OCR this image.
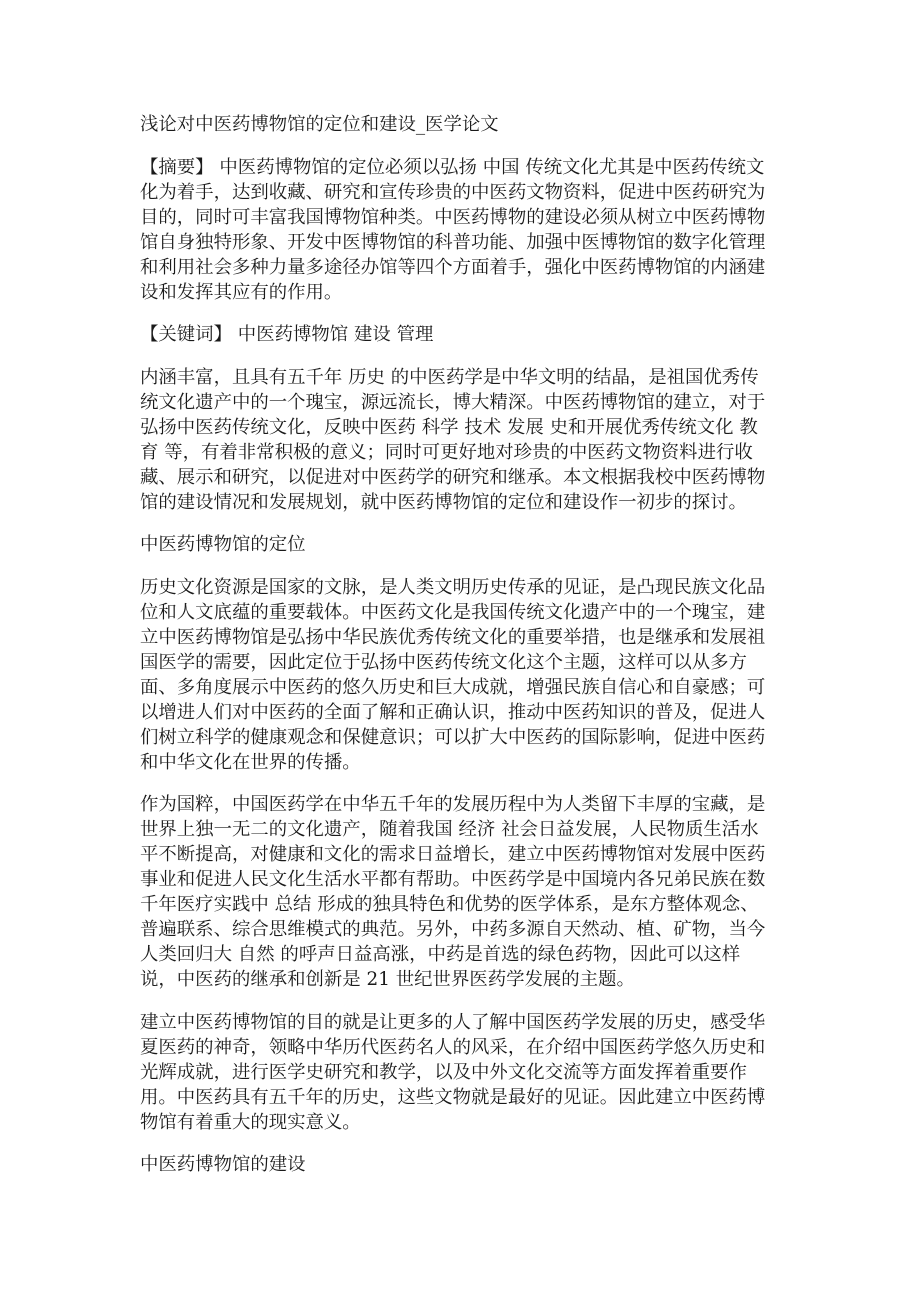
浅论对中医药博物馆的定位和建设_医学论文
【摘要】 中医药博物馆的定位必须以弘扬 中国 传统文化尤其是中医药传统文
化为着手，达到收藏、研究和宣传珍贵的中医药文物资料，促进中医药研究为
目的，同时可丰富我国博物馆种类。中医药博物的建设必须从树立中医药博物
馆自身独特形象、开发中医博物馆的科普功能、加强中医博物馆的数字化管理
和利用社会多种力量多途径办馆等四个方面着手，强化中医药博物馆的内涵建
设和发挥其应有的作用。
【关键词】 中医药博物馆 建设 管理
内涵丰富，且具有五千年 历史 的中医药学是中华文明的结晶，是祖国优秀传
统文化遗产中的一个瑰宝，源远流长，博大精深。中医药博物馆的建立，对于
弘扬中医药传统文化，反映中医药 科学 技术 发展 史和开展优秀传统文化 教
育 等，有着非常积极的意义；同时可更好地对珍贵的中医药文物资料进行收
藏、展示和研究，以促进对中医药学的研究和继承。本文根据我校中医药博物
馆的建设情况和发展规划，就中医药博物馆的定位和建设作一初步的探讨。
中医药博物馆的定位
历史文化资源是国家的文脉，是人类文明历史传承的见证，是凸现民族文化品
位和人文底蕴的重要载体。中医药文化是我国传统文化遗产中的一个瑰宝，建
立中医药博物馆是弘扬中华民族优秀传统文化的重要举措，也是继承和发展祖
国医学的需要，因此定位于弘扬中医药传统文化这个主题，这样可以从多方
面、多角度展示中医药的悠久历史和巨大成就，增强民族自信心和自豪感；可
以增进人们对中医药的全面了解和正确认识，推动中医药知识的普及，促进人
们树立科学的健康观念和保健意识；可以扩大中医药的国际影响，促进中医药
和中华文化在世界的传播。
作为国粹，中国医药学在中华五千年的发展历程中为人类留下丰厚的宝藏，是
世界上独一无二的文化遗产，随着我国 经济 社会日益发展，人民物质生活水
平不断提高，对健康和文化的需求日益增长，建立中医药博物馆对发展中医药
事业和促进人民文化生活水平都有帮助。中医药学是中国境内各兄弟民族在数
千年医疗实践中 总结 形成的独具特色和优势的医学体系，是东方整体观念、
普遍联系、综合思维模式的典范。另外，中药多源自天然动、植、矿物，当今
人类回归大 自然 的呼声日益高涨，中药是首选的绿色药物，因此可以这样
说，中医药的继承和创新是 21 世纪世界医药学发展的主题。
建立中医药博物馆的目的就是让更多的人了解中国医药学发展的历史，感受华
夏医药的神奇，领略中华历代医药名人的风采，在介绍中国医药学悠久历史和
光辉成就，进行医学史研究和教学，以及中外文化交流等方面发挥着重要作
用。中医药具有五千年的历史，这些文物就是最好的见证。因此建立中医药博
物馆有着重大的现实意义。
中医药博物馆的建设
